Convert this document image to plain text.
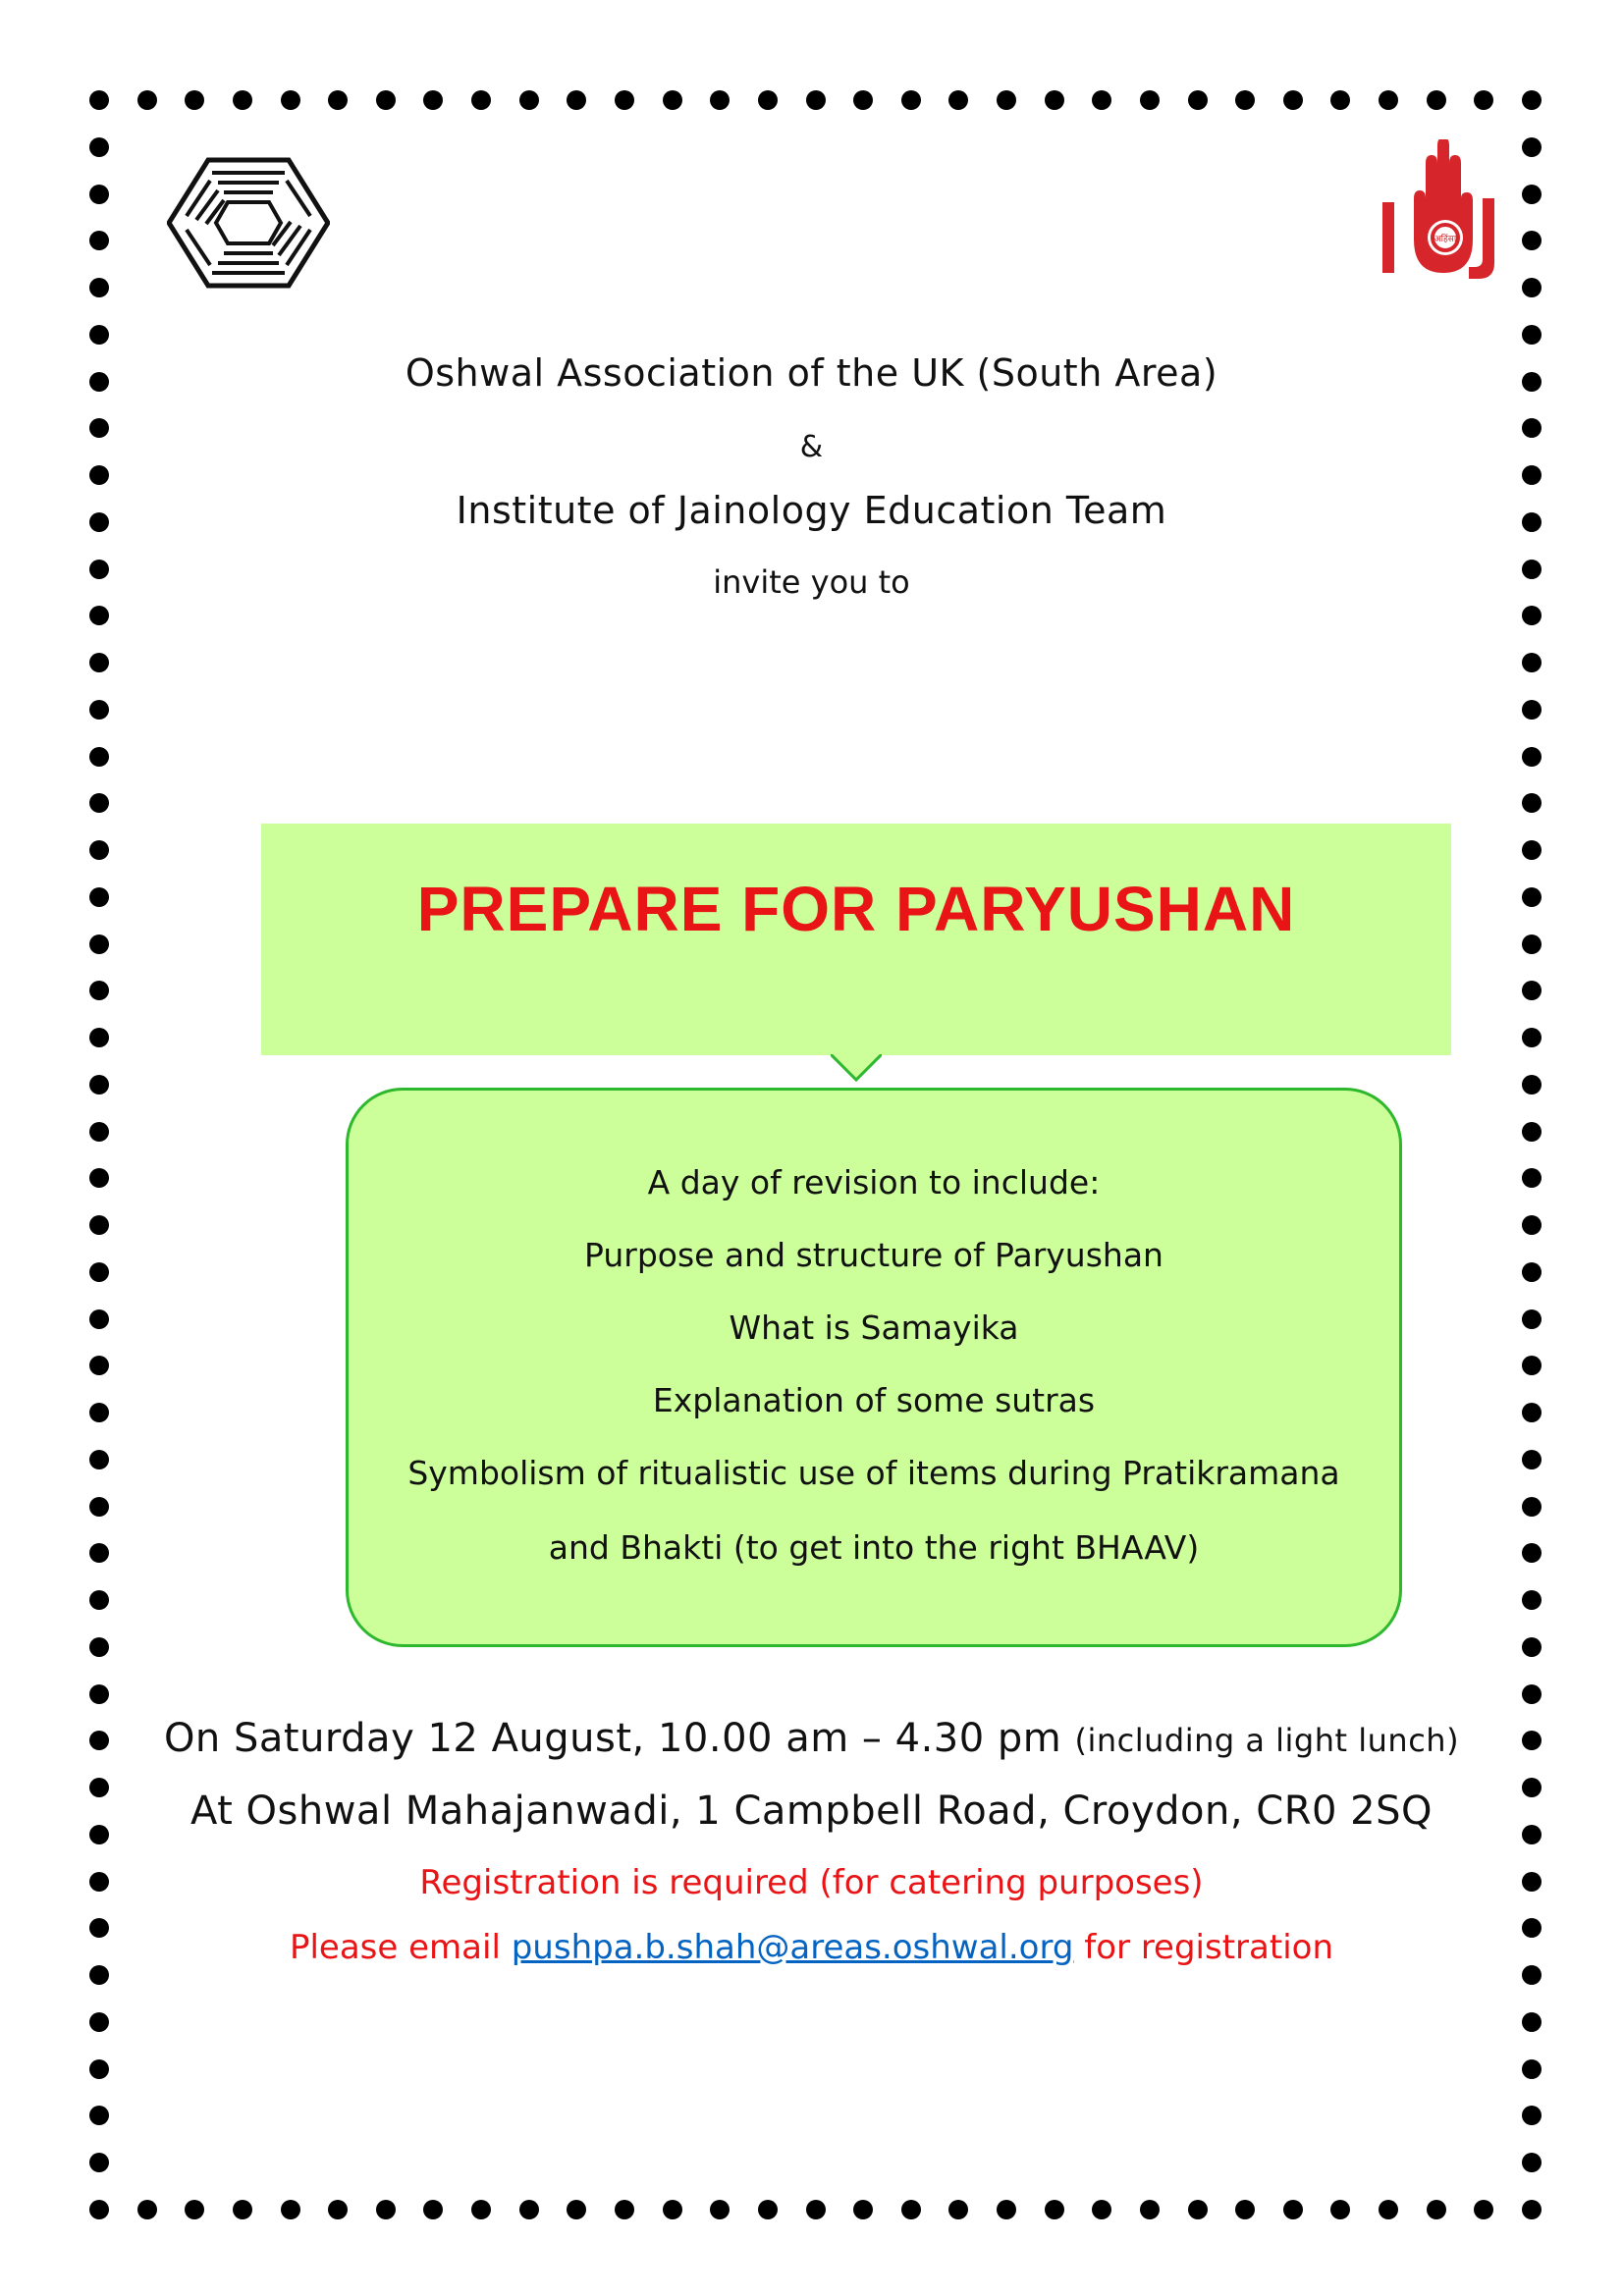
अहिंसा
Oshwal Association of the UK (South Area)
&
Institute of Jainology Education Team
invite you to
PREPARE FOR PARYUSHAN
A day of revision to include:
Purpose and structure of Paryushan
What is Samayika
Explanation of some sutras
Symbolism of ritualistic use of items during Pratikramana
and Bhakti (to get into the right BHAAV)
On Saturday 12 August, 10.00 am – 4.30 pm (including a light lunch)
At Oshwal Mahajanwadi, 1 Campbell Road, Croydon, CR0 2SQ
Registration is required (for catering purposes)
Please email pushpa.b.shah@areas.oshwal.org for registration
